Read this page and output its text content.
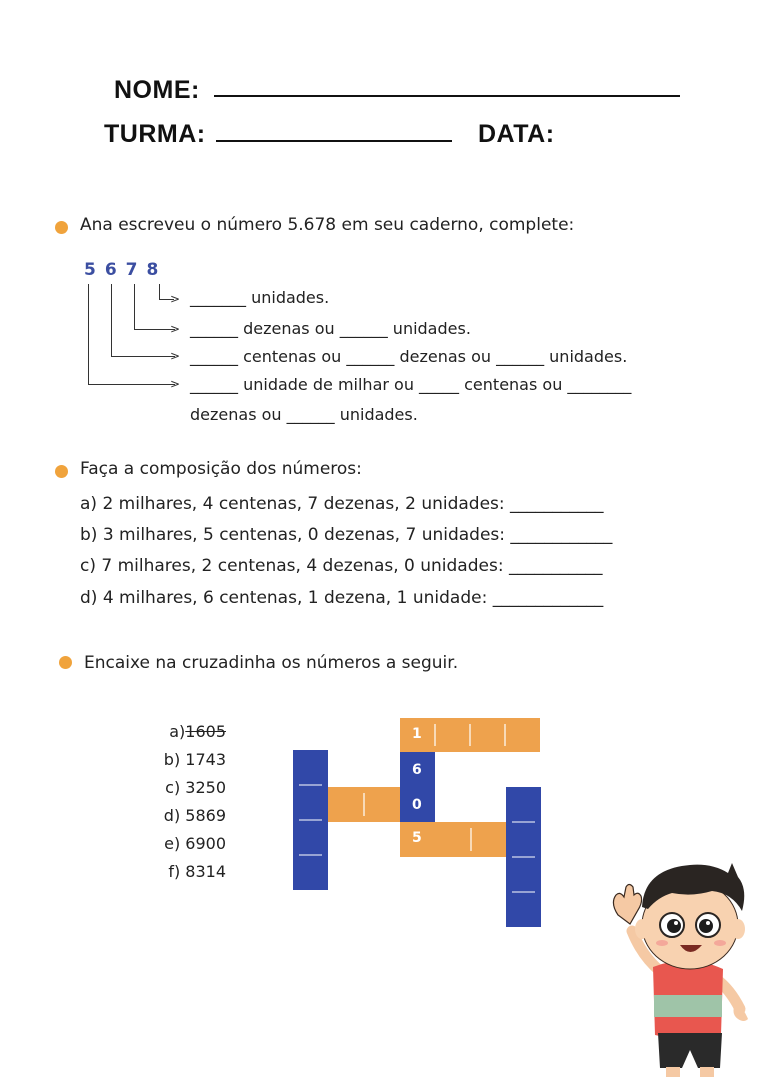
NOME:
TURMA:	DATA:
Ana escreveu o número 5.678 em seu caderno, complete:
5678
>
>
>
>
_______ unidades.
______ dezenas ou ______ unidades.
______ centenas ou ______ dezenas ou ______ unidades.
______ unidade de milhar ou _____ centenas ou ________
dezenas ou ______ unidades.
Faça a composição dos números:
a) 2 milhares, 4 centenas, 7 dezenas, 2 unidades: ___________
b) 3 milhares, 5 centenas, 0 dezenas, 7 unidades: ____________
c) 7 milhares, 2 centenas, 4 dezenas, 0 unidades: ___________
d) 4 milhares, 6 centenas, 1 dezena, 1 unidade: _____________
Encaixe na cruzadinha os números a seguir.
a)1605
b) 1743
c) 3250
d) 5869
e) 6900
f) 8314
1
6
0
5
